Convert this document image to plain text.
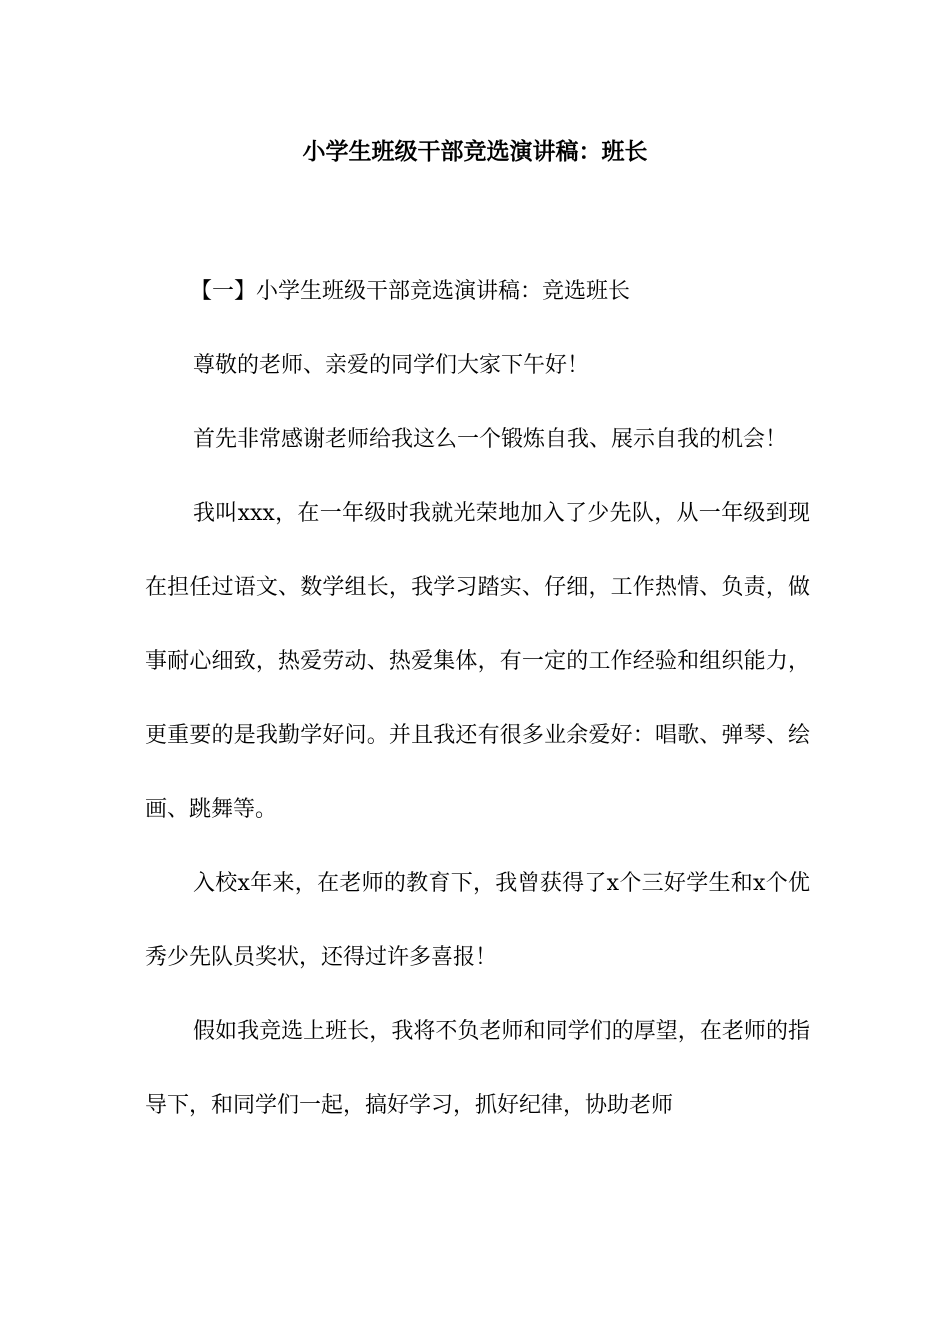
小学生班级干部竞选演讲稿：班长

【一】小学生班级干部竞选演讲稿：竞选班长

尊敬的老师、亲爱的同学们大家下午好！

首先非常感谢老师给我这么一个锻炼自我、展示自我的机会！

我叫xxx，在一年级时我就光荣地加入了少先队，从一年级到现在担任过语文、数学组长，我学习踏实、仔细，工作热情、负责，做事耐心细致，热爱劳动、热爱集体，有一定的工作经验和组织能力，更重要的是我勤学好问。并且我还有很多业余爱好：唱歌、弹琴、绘画、跳舞等。

入校x年来，在老师的教育下，我曾获得了x个三好学生和x个优秀少先队员奖状，还得过许多喜报！

假如我竞选上班长，我将不负老师和同学们的厚望，在老师的指导下，和同学们一起，搞好学习，抓好纪律，协助老师
